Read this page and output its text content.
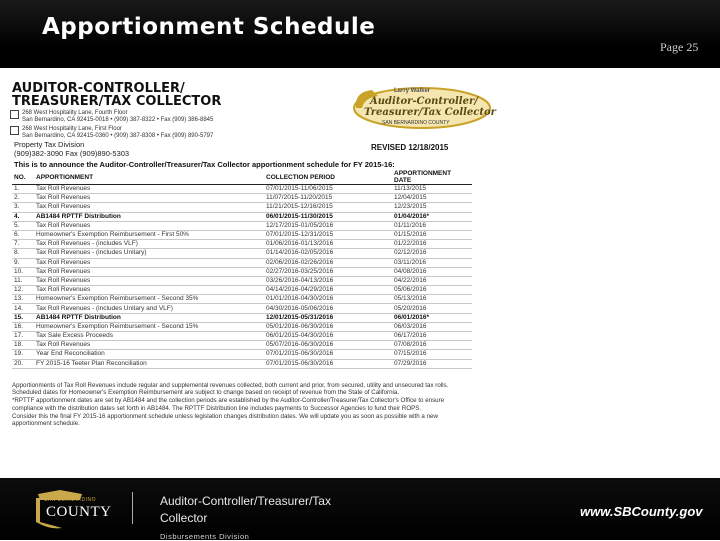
Apportionment Schedule
Page 25
AUDITOR-CONTROLLER/
TREASURER/TAX COLLECTOR
Larry Walker
Auditor-Controller/
Treasurer/Tax Collector
SAN BERNARDINO COUNTY
268 West Hospitality Lane, Fourth Floor
San Bernardino, CA 92415-0018 • (909) 387-8322 • Fax (909) 386-8845
268 West Hospitality Lane, First Floor
San Bernardino, CA 92415-0360 • (909) 387-8308 • Fax (909) 890-5797
Property Tax Division
(909)382-3090 Fax (909)890-5303
REVISED 12/18/2015
This is to announce the Auditor-Controller/Treasurer/Tax Collector apportionment schedule for FY 2015-16:
NO.	APPORTIONMENT	COLLECTION PERIOD	APPORTIONMENT DATE
1.	Tax Roll Revenues	07/01/2015-11/06/2015	11/13/2015
2.	Tax Roll Revenues	11/07/2015-11/20/2015	12/04/2015
3.	Tax Roll Revenues	11/21/2015-12/16/2015	12/23/2015
4.	AB1484 RPTTF Distribution	06/01/2015-11/30/2015	01/04/2016*
5.	Tax Roll Revenues	12/17/2015-01/05/2016	01/11/2016
6.	Homeowner's Exemption Reimbursement - First 50%	07/01/2015-12/31/2015	01/15/2016
7.	Tax Roll Revenues - (includes VLF)	01/06/2016-01/13/2016	01/22/2016
8.	Tax Roll Revenues - (includes Unitary)	01/14/2016-02/05/2016	02/12/2016
9.	Tax Roll Revenues	02/06/2016-02/26/2016	03/11/2016
10.	Tax Roll Revenues	02/27/2016-03/25/2016	04/08/2016
11.	Tax Roll Revenues	03/26/2016-04/13/2016	04/22/2016
12.	Tax Roll Revenues	04/14/2016-04/29/2016	05/06/2016
13.	Homeowner's Exemption Reimbursement - Second 35%	01/01/2016-04/30/2016	05/13/2016
14.	Tax Roll Revenues - (includes Unitary and VLF)	04/30/2016-05/06/2016	05/20/2016
15.	AB1484 RPTTF Distribution	12/01/2015-05/31/2016	06/01/2016*
16.	Homeowner's Exemption Reimbursement - Second 15%	05/01/2016-06/30/2016	06/03/2016
17.	Tax Sale Excess Proceeds	06/01/2015-04/30/2016	06/17/2016
18.	Tax Roll Revenues	05/07/2016-06/30/2016	07/08/2016
19.	Year End Reconciliation	07/01/2015-06/30/2016	07/15/2016
20.	FY 2015-16 Teeter Plan Reconciliation	07/01/2015-06/30/2016	07/29/2016

Apportionments of Tax Roll Revenues include regular and supplemental revenues collected, both current and prior, from secured, utility and unsecured tax rolls. Scheduled dates for Homeowner's Exemption Reimbursement are subject to change based on receipt of revenue from the State of California.

*RPTTF apportionment dates are set by AB1484 and the collection periods are established by the Auditor-Controller/Treasurer/Tax Collector's Office to ensure compliance with the distribution dates set forth in AB1484. The RPTTF Distribution line includes payments to Successor Agencies to fund their ROPS.

Consider this the final FY 2015-16 apportionment schedule unless legislation changes distribution dates. We will update you as soon as possible with a new apportionment schedule.

SAN BERNARDINO
COUNTY
Auditor-Controller/Treasurer/Tax
Collector
Disbursements Division
www.SBCounty.gov
